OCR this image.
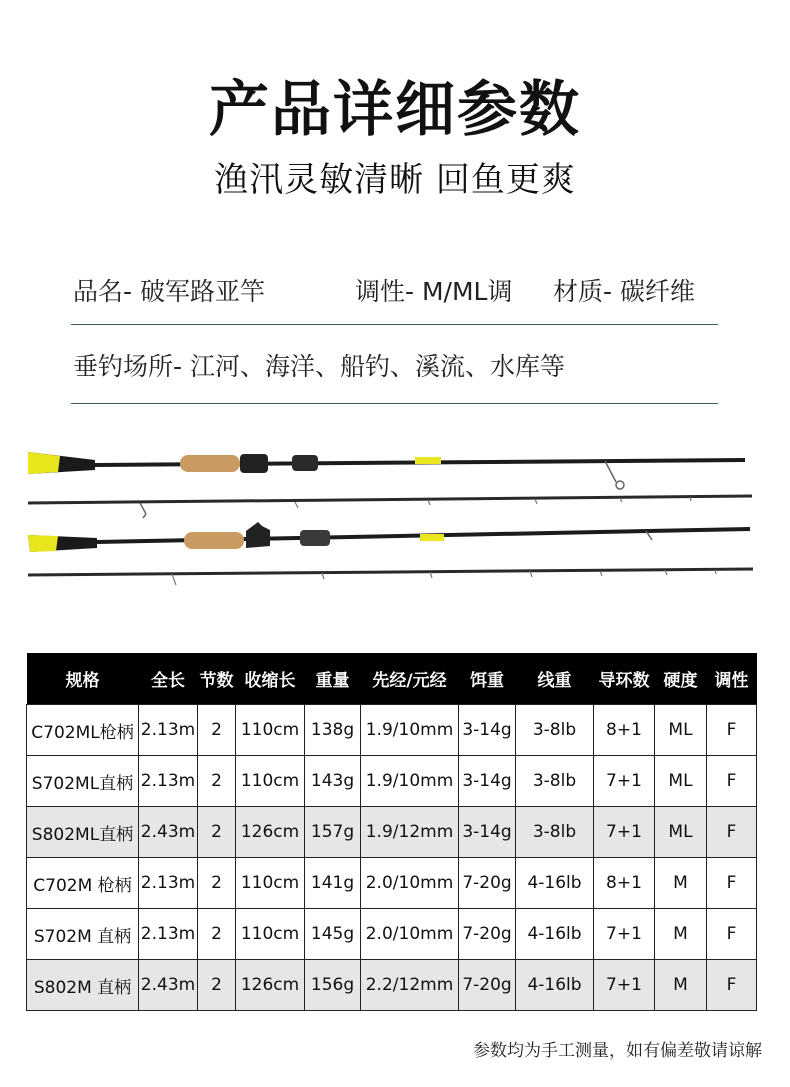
产品详细参数
渔汛灵敏清晰 回鱼更爽
品名- 破军路亚竿	调性- M/ML调 材质- 碳纤维
垂钓场所- 江河、海洋、船钓、溪流、水库等
规格	全长	节数	收缩长	重量	先经/元经	饵重	线重	导环数	硬度	调性
C702ML枪柄	2.13m	2	110cm	138g	1.9/10mm	3-14g	3-8lb	8+1	ML	F
S702ML直柄	2.13m	2	110cm	143g	1.9/10mm	3-14g	3-8lb	7+1	ML	F
S802ML直柄	2.43m	2	126cm	157g	1.9/12mm	3-14g	3-8lb	7+1	ML	F
C702M 枪柄	2.13m	2	110cm	141g	2.0/10mm	7-20g	4-16lb	8+1	M	F
S702M 直柄	2.13m	2	110cm	145g	2.0/10mm	7-20g	4-16lb	7+1	M	F
S802M 直柄	2.43m	2	126cm	156g	2.2/12mm	7-20g	4-16lb	7+1	M	F
参数均为手工测量，如有偏差敬请谅解
